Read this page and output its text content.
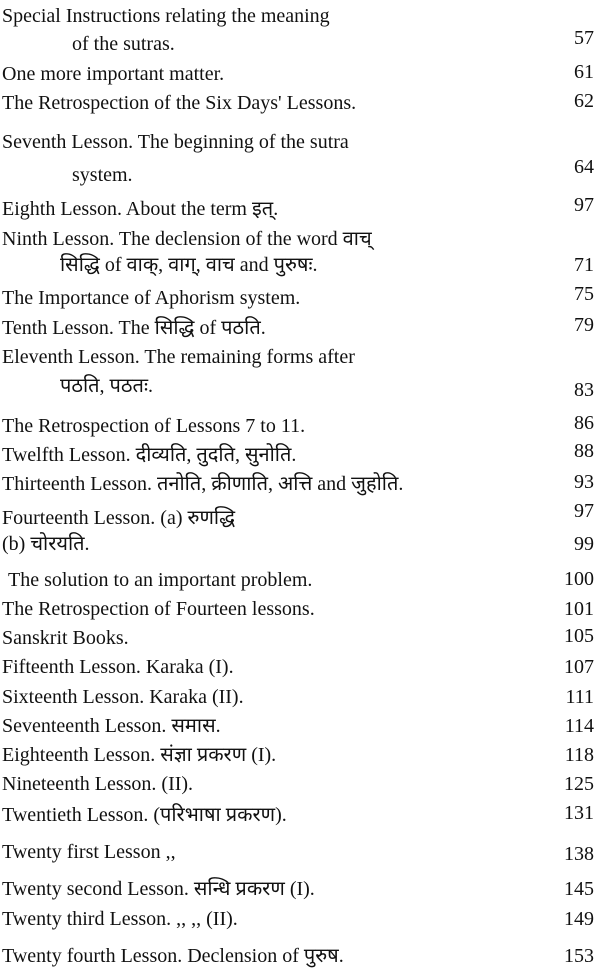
Special Instructions relating the meaning
of the sutras.	57
One more important matter.	61
The Retrospection of the Six Days' Lessons.	62
Seventh Lesson. The beginning of the sutra
system.	64
Eighth Lesson. About the term इत्.	97
Ninth Lesson. The declension of the word वाच्
सिद्धि of वाक्, वाग्, वाच and पुरुषः.	71
The Importance of Aphorism system.	75
Tenth Lesson. The सिद्धि of पठति.	79
Eleventh Lesson. The remaining forms after
पठति, पठतः.	83
The Retrospection of Lessons 7 to 11.	86
Twelfth Lesson. दीव्यति, तुदति, सुनोति.	88
Thirteenth Lesson. तनोति, क्रीणाति, अत्ति and जुहोति.	93
Fourteenth Lesson. (a) रुणद्धि	97
(b) चोरयति.	99
The solution to an important problem.	100
The Retrospection of Fourteen lessons.	101
Sanskrit Books.	105
Fifteenth Lesson. Karaka (I).	107
Sixteenth Lesson. Karaka (II).	111
Seventeenth Lesson. समास.	114
Eighteenth Lesson. संज्ञा प्रकरण (I).	118
Nineteenth Lesson. (II).	125
Twentieth Lesson. (परिभाषा प्रकरण).	131
Twenty first Lesson ,,	138
Twenty second Lesson. सन्धि प्रकरण (I).	145
Twenty third Lesson. ,, ,, (II).	149
Twenty fourth Lesson. Declension of पुरुष.	153
